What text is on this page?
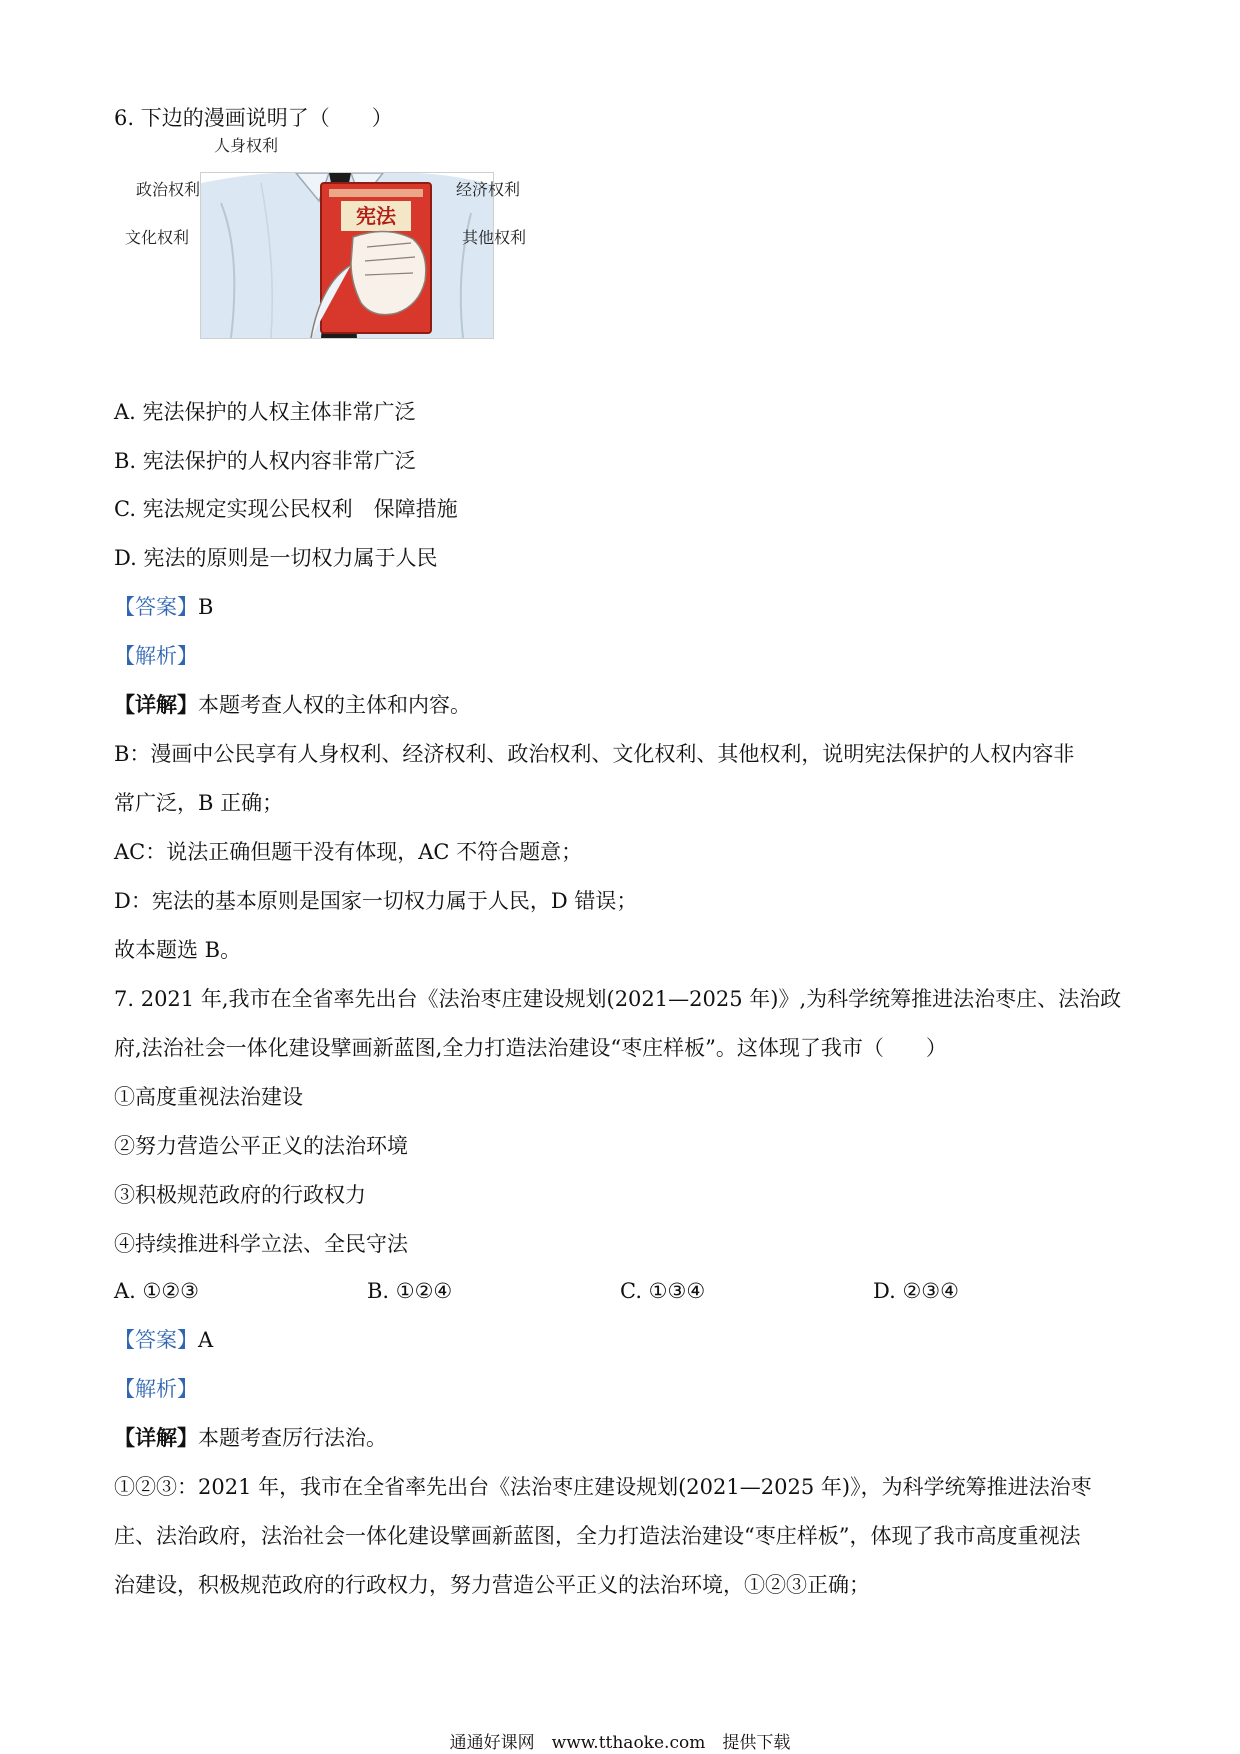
6. 下边的漫画说明了（　　）
宪法
人身权利
政治权利
文化权利
经济权利
其他权利
A. 宪法保护的人权主体非常广泛
B. 宪法保护的人权内容非常广泛
C. 宪法规定实现公民权利　保障措施
D. 宪法的原则是一切权力属于人民
【答案】B
【解析】
【详解】本题考查人权的主体和内容。
B：漫画中公民享有人身权利、经济权利、政治权利、文化权利、其他权利，说明宪法保护的人权内容非
常广泛，B 正确；
AC：说法正确但题干没有体现，AC 不符合题意；
D：宪法的基本原则是国家一切权力属于人民，D 错误；
故本题选 B。
7. 2021 年,我市在全省率先出台《法治枣庄建设规划(2021—2025 年)》,为科学统筹推进法治枣庄、法治政
府,法治社会一体化建设擘画新蓝图,全力打造法治建设“枣庄样板”。这体现了我市（　　）
①高度重视法治建设
②努力营造公平正义的法治环境
③积极规范政府的行政权力
④持续推进科学立法、全民守法
A. ①②③	B. ①②④	C. ①③④	D. ②③④
【答案】A
【解析】
【详解】本题考查厉行法治。
①②③：2021 年，我市在全省率先出台《法治枣庄建设规划(2021—2025 年)》，为科学统筹推进法治枣
庄、法治政府，法治社会一体化建设擘画新蓝图，全力打造法治建设“枣庄样板”，体现了我市高度重视法
治建设，积极规范政府的行政权力，努力营造公平正义的法治环境，①②③正确；
通通好课网　www.tthaoke.com　提供下载
